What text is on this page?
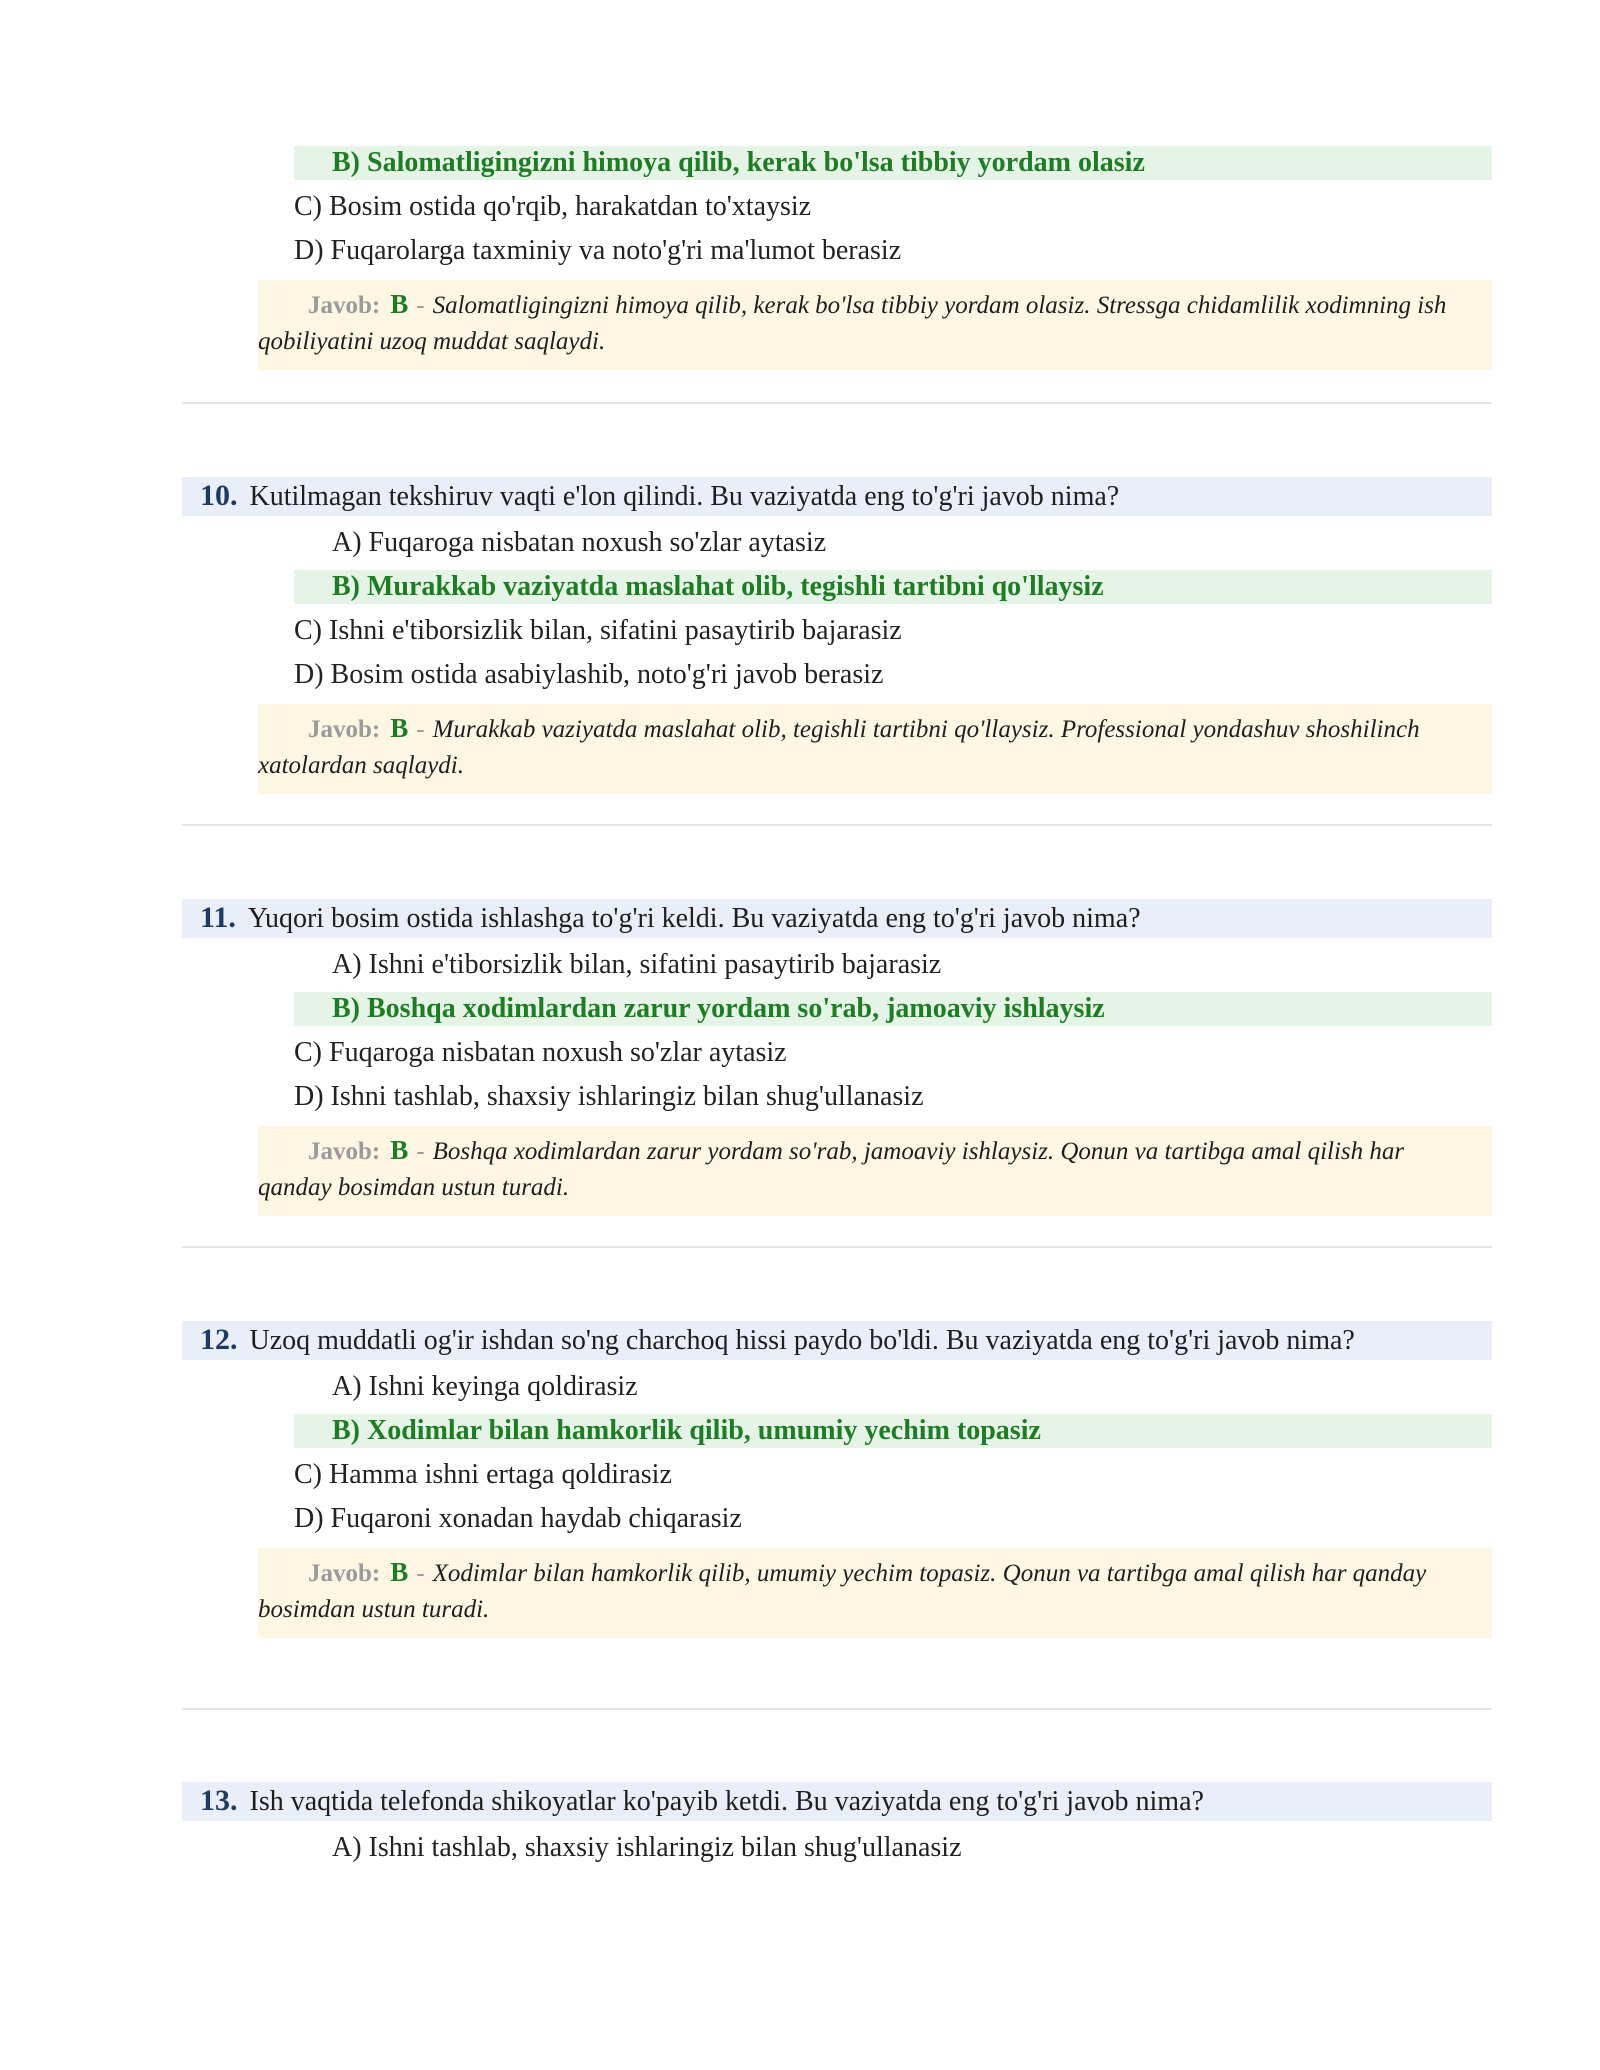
B) Salomatligingizni himoya qilib, kerak bo'lsa tibbiy yordam olasiz
C) Bosim ostida qo'rqib, harakatdan to'xtaysiz
D) Fuqarolarga taxminiy va noto'g'ri ma'lumot berasiz
Javob: B - Salomatligingizni himoya qilib, kerak bo'lsa tibbiy yordam olasiz. Stressga chidamlilik xodimning ish qobiliyatini uzoq muddat saqlaydi.
10. Kutilmagan tekshiruv vaqti e'lon qilindi. Bu vaziyatda eng to'g'ri javob nima?
A) Fuqaroga nisbatan noxush so'zlar aytasiz
B) Murakkab vaziyatda maslahat olib, tegishli tartibni qo'llaysiz
C) Ishni e'tiborsizlik bilan, sifatini pasaytirib bajarasiz
D) Bosim ostida asabiylashib, noto'g'ri javob berasiz
Javob: B - Murakkab vaziyatda maslahat olib, tegishli tartibni qo'llaysiz. Professional yondashuv shoshilinch xatolardan saqlaydi.
11. Yuqori bosim ostida ishlashga to'g'ri keldi. Bu vaziyatda eng to'g'ri javob nima?
A) Ishni e'tiborsizlik bilan, sifatini pasaytirib bajarasiz
B) Boshqa xodimlardan zarur yordam so'rab, jamoaviy ishlaysiz
C) Fuqaroga nisbatan noxush so'zlar aytasiz
D) Ishni tashlab, shaxsiy ishlaringiz bilan shug'ullanasiz
Javob: B - Boshqa xodimlardan zarur yordam so'rab, jamoaviy ishlaysiz. Qonun va tartibga amal qilish har qanday bosimdan ustun turadi.
12. Uzoq muddatli og'ir ishdan so'ng charchoq hissi paydo bo'ldi. Bu vaziyatda eng to'g'ri javob nima?
A) Ishni keyinga qoldirasiz
B) Xodimlar bilan hamkorlik qilib, umumiy yechim topasiz
C) Hamma ishni ertaga qoldirasiz
D) Fuqaroni xonadan haydab chiqarasiz
Javob: B - Xodimlar bilan hamkorlik qilib, umumiy yechim topasiz. Qonun va tartibga amal qilish har qanday bosimdan ustun turadi.
13. Ish vaqtida telefonda shikoyatlar ko'payib ketdi. Bu vaziyatda eng to'g'ri javob nima?
A) Ishni tashlab, shaxsiy ishlaringiz bilan shug'ullanasiz
